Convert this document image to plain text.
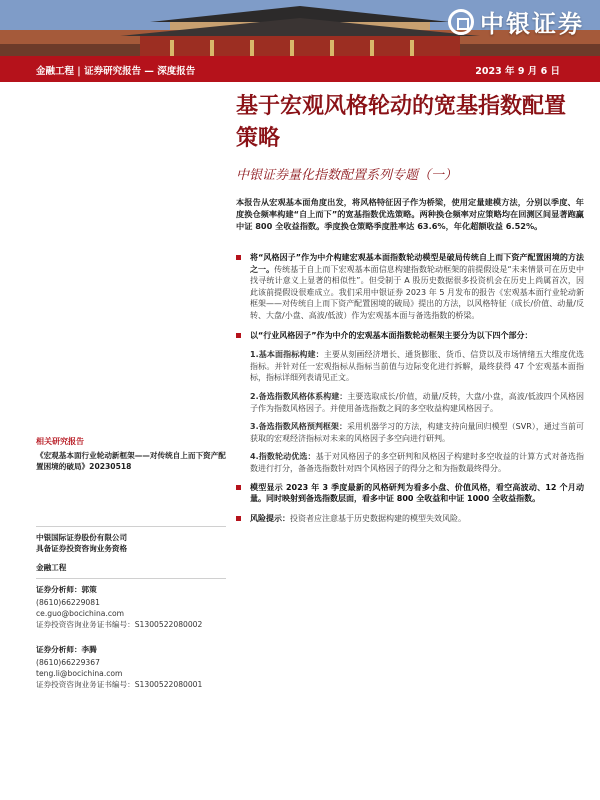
中银证券
金融工程 | 证券研究报告 — 深度报告	2023 年 9 月 6 日
基于宏观风格轮动的宽基指数配置策略
中银证券量化指数配置系列专题（一）
本报告从宏观基本面角度出发，将风格特征因子作为桥梁，使用定量建模方法，分别以季度、年度换仓频率构建“自上而下”的宽基指数优选策略。两种换仓频率对应策略均在回测区间显著跑赢中证 800 全收益指数。季度换仓策略季度胜率达 63.6%，年化超额收益 6.52%。
将“风格因子”作为中介构建宏观基本面指数轮动模型是破局传统自上而下资产配置困境的方法之一。传统基于自上而下宏观基本面信息构建指数轮动框架的前提假设是“未来情景可在历史中找寻统计意义上显著的相似性”。但受制于 A 股历史数据很多投资机会在历史上尚属首次，因此该前提假设很难成立。我们采用中银证券 2023 年 5 月发布的报告《宏观基本面行业轮动新框架——对传统自上而下资产配置困境的破局》提出的方法，以风格特征（成长/价值、动量/反转、大盘/小盘、高波/低波）作为宏观基本面与备选指数的桥梁。
以“行业风格因子”作为中介的宏观基本面指数轮动框架主要分为以下四个部分：
1.基本面指标构建：主要从刻画经济增长、通货膨胀、货币、信贷以及市场情绪五大维度优选指标。并针对任一宏观指标从指标当前值与边际变化进行拆解，最终获得 47 个宏观基本面指标，指标详细列表请见正文。
2.备选指数风格体系构建：主要选取成长/价值，动量/反转，大盘/小盘，高波/低波四个风格因子作为指数风格因子。并使用备选指数之间的多空收益构建风格因子。
3.备选指数风格预判框架：采用机器学习的方法，构建支持向量回归模型（SVR），通过当前可获取的宏观经济指标对未来的风格因子多空向进行研判。
4.指数轮动优选：基于对风格因子的多空研判和风格因子构建时多空收益的计算方式对备选指数进行打分，备备选指数针对四个风格因子的得分之和为指数最终得分。
模型显示 2023 年 3 季度最新的风格研判为看多小盘、价值风格，看空高波动、12 个月动量。同时映射到备选指数层面，看多中证 800 全收益和中证 1000 全收益指数。
风险提示：投资者应注意基于历史数据构建的模型失效风险。
相关研究报告
《宏观基本面行业轮动新框架——对传统自上而下资产配置困境的破局》20230518
中银国际证券股份有限公司
具备证券投资咨询业务资格
金融工程
证券分析师：郭策
(8610)66229081
ce.guo@bocichina.com
证券投资咨询业务证书编号：S1300522080002
证券分析师：李腾
(8610)66229367
teng.li@bocichina.com
证券投资咨询业务证书编号：S1300522080001
